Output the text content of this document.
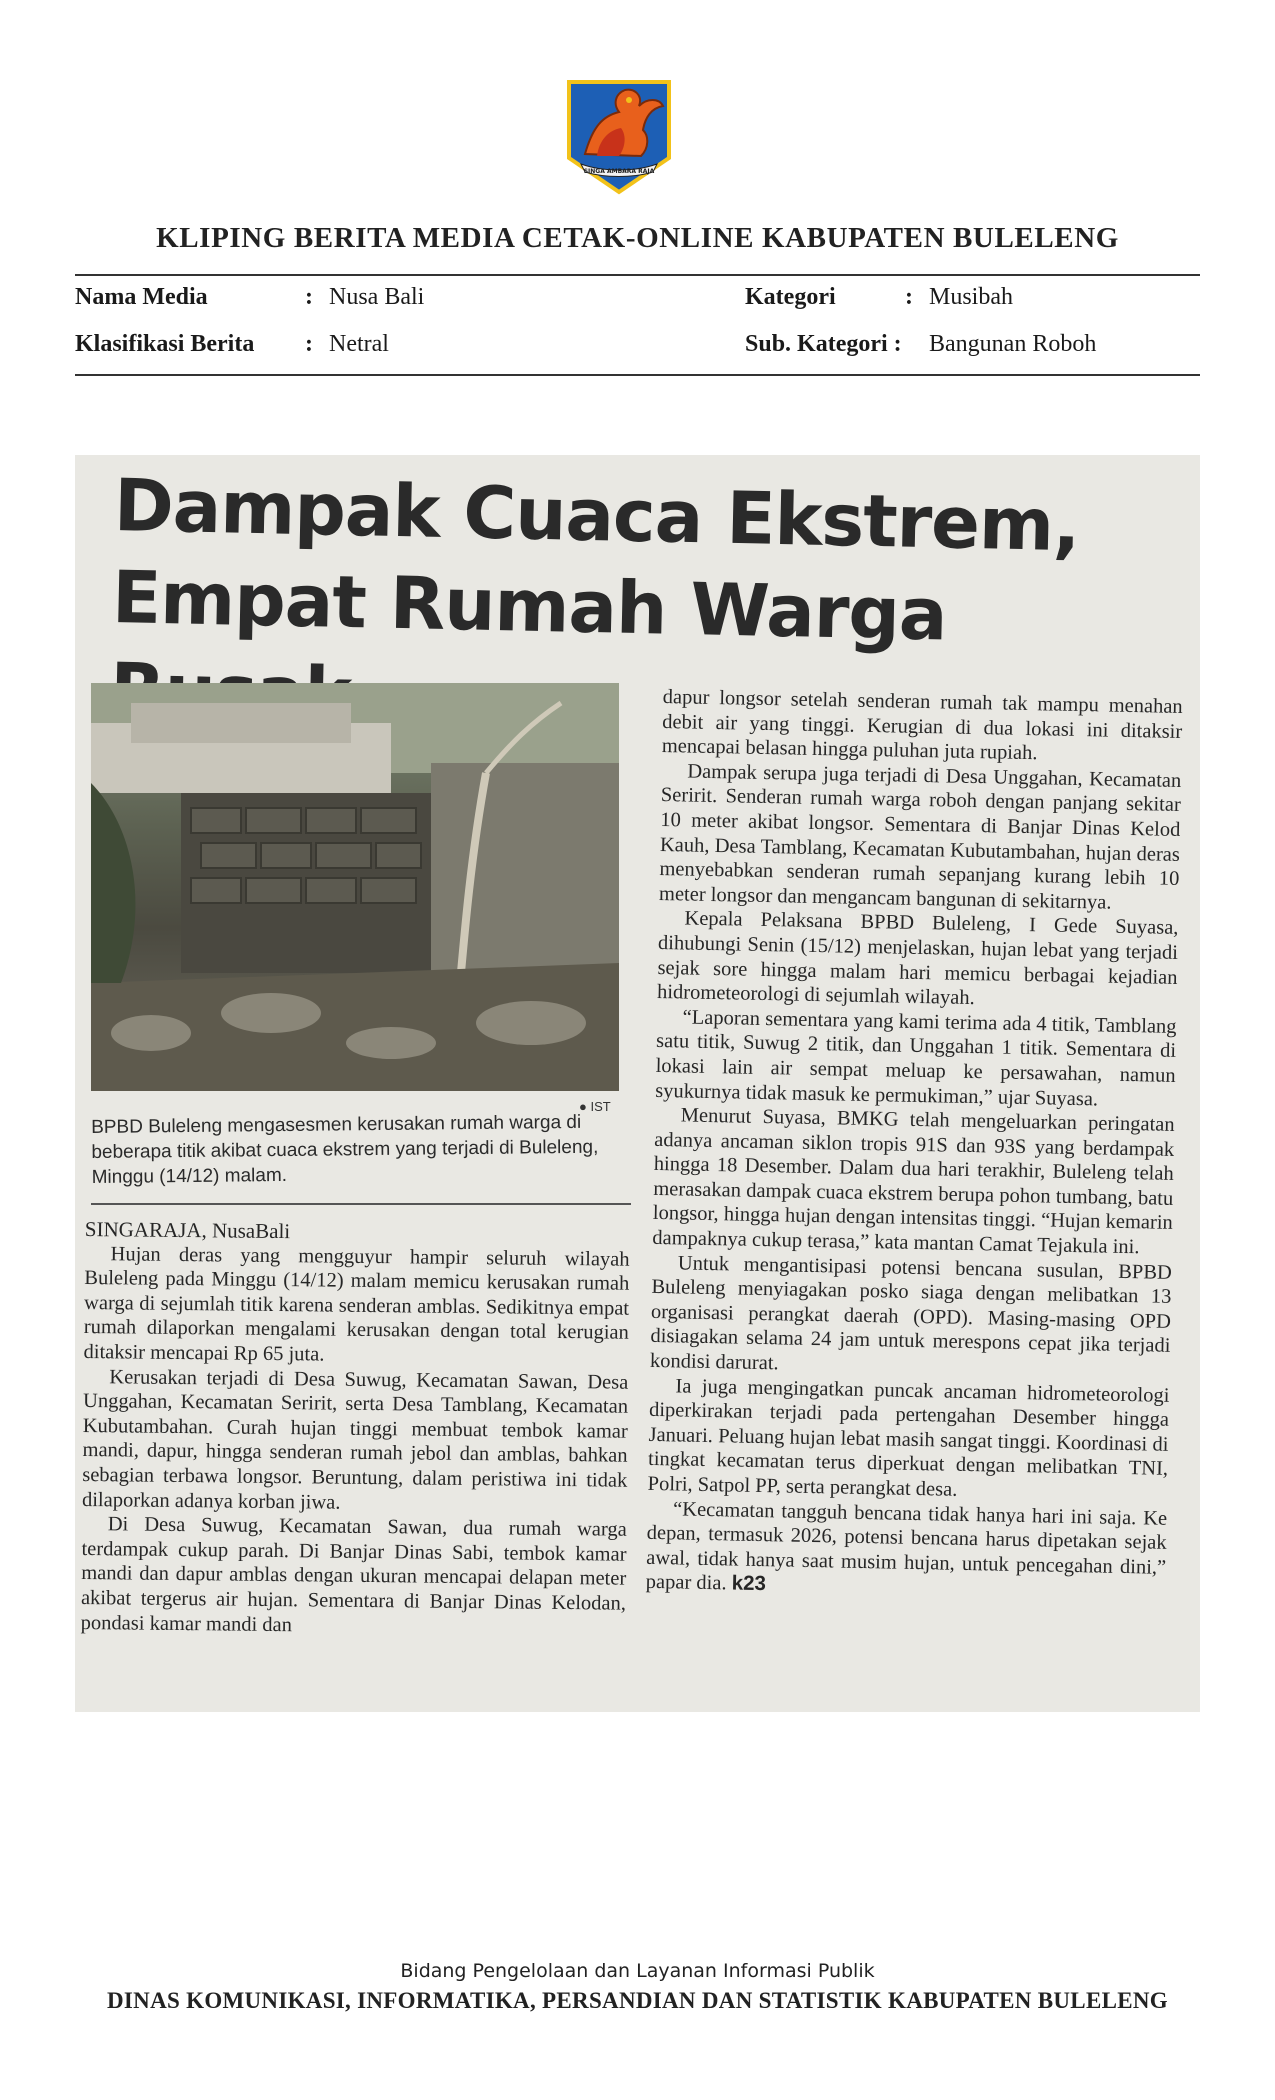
SINGA AMBARA RAJA
KLIPING BERITA MEDIA CETAK-ONLINE KABUPATEN BULELENG
Nama Media	: Nusa Bali
Klasifikasi Berita : Netral
Kategori	: Musibah
Sub. Kategori : Bangunan Roboh
Dampak Cuaca Ekstrem,
Empat Rumah Warga
● IST
BPBD Buleleng mengasesmen kerusakan rumah warga di beberapa titik akibat cuaca ekstrem yang terjadi di Buleleng, Minggu (14/12) malam.

SINGARAJA, NusaBali

Hujan deras yang mengguyur hampir seluruh wilayah Buleleng pada Minggu (14/12) malam memicu kerusakan rumah warga di sejumlah titik karena senderan amblas. Sedikitnya empat rumah dilaporkan mengalami kerusakan dengan total kerugian ditaksir mencapai Rp 65 juta.

Kerusakan terjadi di Desa Suwug, Kecamatan Sawan, Desa Unggahan, Kecamatan Seririt, serta Desa Tamblang, Kecamatan Kubutambahan. Curah hujan tinggi membuat tembok kamar mandi, dapur, hingga senderan rumah jebol dan amblas, bahkan sebagian terbawa longsor. Beruntung, dalam peristiwa ini tidak dilaporkan adanya korban jiwa.

Di Desa Suwug, Kecamatan Sawan, dua rumah warga terdampak cukup parah. Di Banjar Dinas Sabi, tembok kamar mandi dan dapur amblas dengan ukuran mencapai delapan meter akibat tergerus air hujan. Sementara di Banjar Dinas Kelodan, pondasi kamar mandi dan

dapur longsor setelah senderan rumah tak mampu menahan debit air yang tinggi. Kerugian di dua lokasi ini ditaksir mencapai belasan hingga puluhan juta rupiah.

Dampak serupa juga terjadi di Desa Unggahan, Kecamatan Seririt. Senderan rumah warga roboh dengan panjang sekitar 10 meter akibat longsor. Sementara di Banjar Dinas Kelod Kauh, Desa Tamblang, Kecamatan Kubutambahan, hujan deras menyebabkan senderan rumah sepanjang kurang lebih 10 meter longsor dan mengancam bangunan di sekitarnya.

Kepala Pelaksana BPBD Buleleng, I Gede Suyasa, dihubungi Senin (15/12) menjelaskan, hujan lebat yang terjadi sejak sore hingga malam hari memicu berbagai kejadian hidrometeorologi di sejumlah wilayah.

“Laporan sementara yang kami terima ada 4 titik, Tamblang satu titik, Suwug 2 titik, dan Unggahan 1 titik. Sementara di lokasi lain air sempat meluap ke persawahan, namun syukurnya tidak masuk ke permukiman,” ujar Suyasa.

Menurut Suyasa, BMKG telah mengeluarkan peringatan adanya ancaman siklon tropis 91S dan 93S yang berdampak hingga 18 Desember. Dalam dua hari terakhir, Buleleng telah merasakan dampak cuaca ekstrem berupa pohon tumbang, batu longsor, hingga hujan dengan intensitas tinggi. “Hujan kemarin dampaknya cukup terasa,” kata mantan Camat Tejakula ini.

Untuk mengantisipasi potensi bencana susulan, BPBD Buleleng menyiagakan posko siaga dengan melibatkan 13 organisasi perangkat daerah (OPD). Masing-masing OPD disiagakan selama 24 jam untuk merespons cepat jika terjadi kondisi darurat.

Ia juga mengingatkan puncak ancaman hidrometeorologi diperkirakan terjadi pada pertengahan Desember hingga Januari. Peluang hujan lebat masih sangat tinggi. Koordinasi di tingkat kecamatan terus diperkuat dengan melibatkan TNI, Polri, Satpol PP, serta perangkat desa.

“Kecamatan tangguh bencana tidak hanya hari ini saja. Ke depan, termasuk 2026, potensi bencana harus dipetakan sejak awal, tidak hanya saat musim hujan, untuk pencegahan dini,” papar dia. k23

Bidang Pengelolaan dan Layanan Informasi Publik
DINAS KOMUNIKASI, INFORMATIKA, PERSANDIAN DAN STATISTIK KABUPATEN BULELENG
